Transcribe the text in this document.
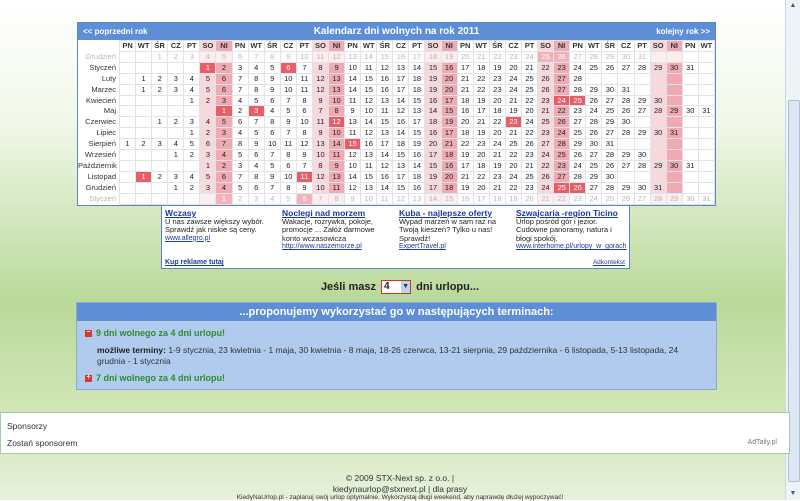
▲
▼
<< poprzedni rok	Kalendarz dni wolnych na rok 2011	kolejny rok >>
	PN	WT	ŚR	CZ	PT	SO	NI	PN	WT	ŚR	CZ	PT	SO	NI	PN	WT	ŚR	CZ	PT	SO	NI	PN	WT	ŚR	CZ	PT	SO	NI	PN	WT	ŚR	CZ	PT	SO	NI	PN	WT
Grudzień			1	2	3	4	5	6	7	8	9	10	11	12	13	14	15	16	17	18	19	20	21	22	23	24	25	26	27	28	29	30	31				
Styczeń						1	2	3	4	5	6	7	8	9	10	11	12	13	14	15	16	17	18	19	20	21	22	23	24	25	26	27	28	29	30	31	
Luty		1	2	3	4	5	6	7	8	9	10	11	12	13	14	15	16	17	18	19	20	21	22	23	24	25	26	27	28								
Marzec		1	2	3	4	5	6	7	8	9	10	11	12	13	14	15	16	17	18	19	20	21	22	23	24	25	26	27	28	29	30	31					
Kwiecień					1	2	3	4	5	6	7	8	9	10	11	12	13	14	15	16	17	18	19	20	21	22	23	24	25	26	27	28	29	30			
Maj							1	2	3	4	5	6	7	8	9	10	11	12	13	14	15	16	17	18	19	20	21	22	23	24	25	26	27	28	29	30	31
Czerwiec			1	2	3	4	5	6	7	8	9	10	11	12	13	14	15	16	17	18	19	20	21	22	23	24	25	26	27	28	29	30					
Lipiec					1	2	3	4	5	6	7	8	9	10	11	12	13	14	15	16	17	18	19	20	21	22	23	24	25	26	27	28	29	30	31		
Sierpień	1	2	3	4	5	6	7	8	9	10	11	12	13	14	15	16	17	18	19	20	21	22	23	24	25	26	27	28	29	30	31						
Wrzesień				1	2	3	4	5	6	7	8	9	10	11	12	13	14	15	16	17	18	19	20	21	22	23	24	25	26	27	28	29	30				
Październik						1	2	3	4	5	6	7	8	9	10	11	12	13	14	15	16	17	18	19	20	21	22	23	24	25	26	27	28	29	30	31	
Listopad		1	2	3	4	5	6	7	8	9	10	11	12	13	14	15	16	17	18	19	20	21	22	23	24	25	26	27	28	29	30						
Grudzień				1	2	3	4	5	6	7	8	9	10	11	12	13	14	15	16	17	18	19	20	21	22	23	24	25	26	27	28	29	30	31			
Styczeń							1	2	3	4	5	6	7	8	9	10	11	12	13	14	15	16	17	18	19	20	21	22	23	24	25	26	27	28	29	30	31
Wczasy
U nas zawsze większy wybór. Sprawdź jak niskie są ceny.
www.allegro.pl
Noclegi nad morzem
Wakacje, rozrywka, pokoje, promocje ... Załóż darmowe konto wczasowicza
http://www.naszemorze.pl
Kuba - najlepsze oferty
Wypad marzeń w sam raz na Twoją kieszeń? Tylko u nas! Sprawdź!
ExpertTravel.pl
Szwajcaria -region Ticino
Urlop pośród gór i jezior. Cudowne panoramy, natura i błogi spokój.
www.interhome.pl/urlopy_w_gorach
Kup reklame tutaj	Adkontekst
Jeśli masz 4 ▼ dni urlopu...
...proponujemy wykorzystać go w następujących terminach:
− 9 dni wolnego za 4 dni urlopu!
możliwe terminy: 1-9 stycznia, 23 kwietnia - 1 maja, 30 kwietnia - 8 maja, 18-26 czerwca, 13-21 sierpnia, 29 października - 6 listopada, 5-13 listopada, 24 grudnia - 1 stycznia
+ 7 dni wolnego za 4 dni urlopu!
Sponsorzy
Zostań sponsorem	AdTaily.pl
© 2009 STX-Next sp. z o.o. |
kiedynaurlop@stxnext.pl | dla prasy
KiedyNaUrlop.pl - zaplanuj swój urlop optymalnie. Wykorzystaj długi weekend, aby naprawdę dłużej wypoczywać!
